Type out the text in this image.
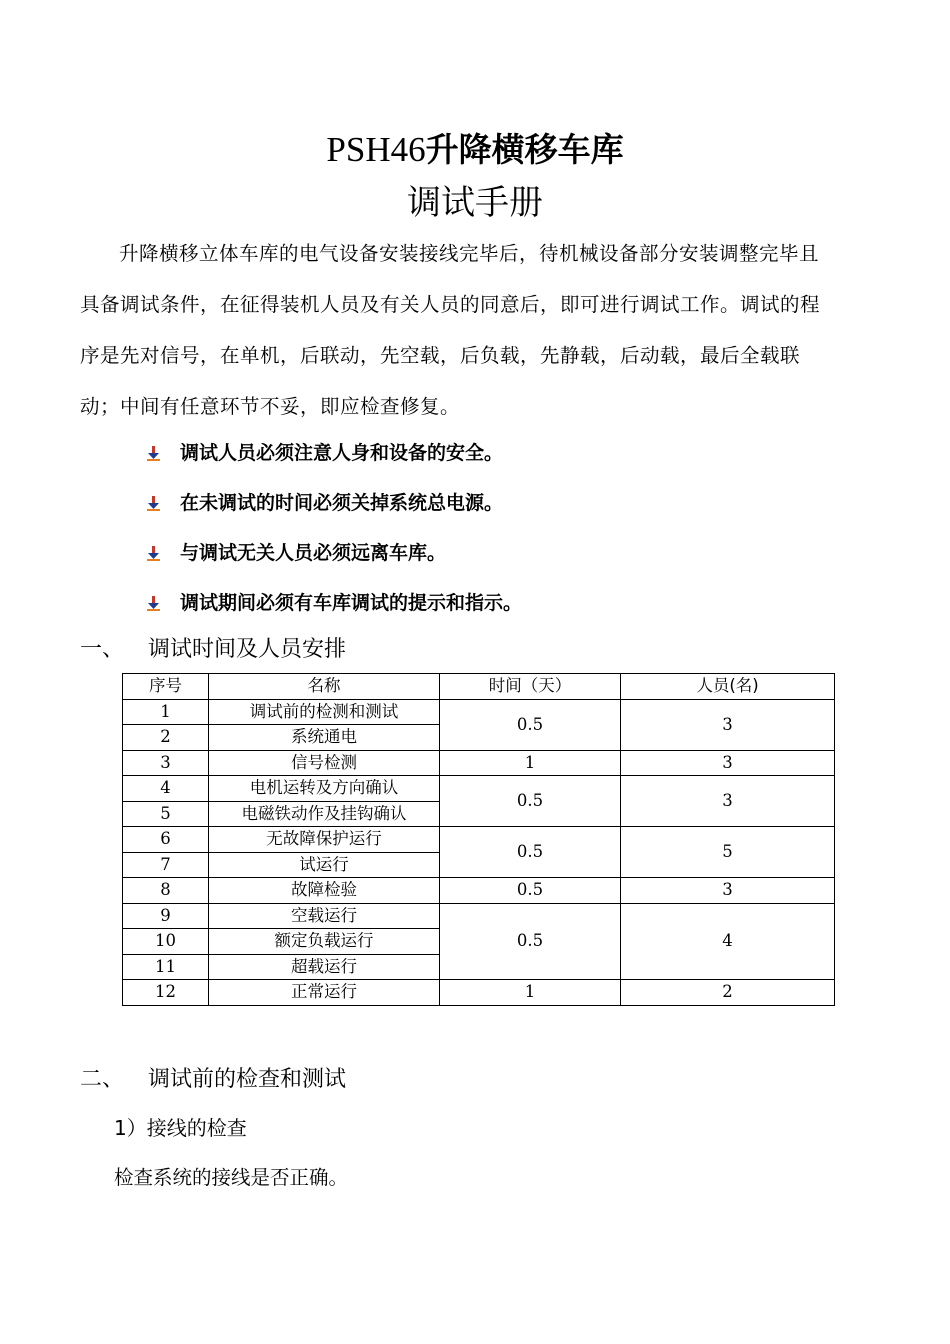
PSH46升降横移车库
调试手册

升降横移立体车库的电气设备安装接线完毕后，待机械设备部分安装调整完毕且具备调试条件，在征得装机人员及有关人员的同意后，即可进行调试工作。调试的程序是先对信号，在单机，后联动，先空载，后负载，先静载，后动载，最后全载联动；中间有任意环节不妥，即应检查修复。

调试人员必须注意人身和设备的安全。
在未调试的时间必须关掉系统总电源。
与调试无关人员必须远离车库。
调试期间必须有车库调试的提示和指示。
一、	调试时间及人员安排
序号	名称	时间（天）	人员(名)
1	调试前的检测和测试	0.5	3
2	系统通电		
3	信号检测	1	3
4	电机运转及方向确认	0.5	3
5	电磁铁动作及挂钩确认		
6	无故障保护运行	0.5	5
7	试运行		
8	故障检验	0.5	3
9	空载运行	0.5	4
10	额定负载运行		
11	超载运行		
12	正常运行	1	2
二、	调试前的检查和测试
1）接线的检查
检查系统的接线是否正确。
